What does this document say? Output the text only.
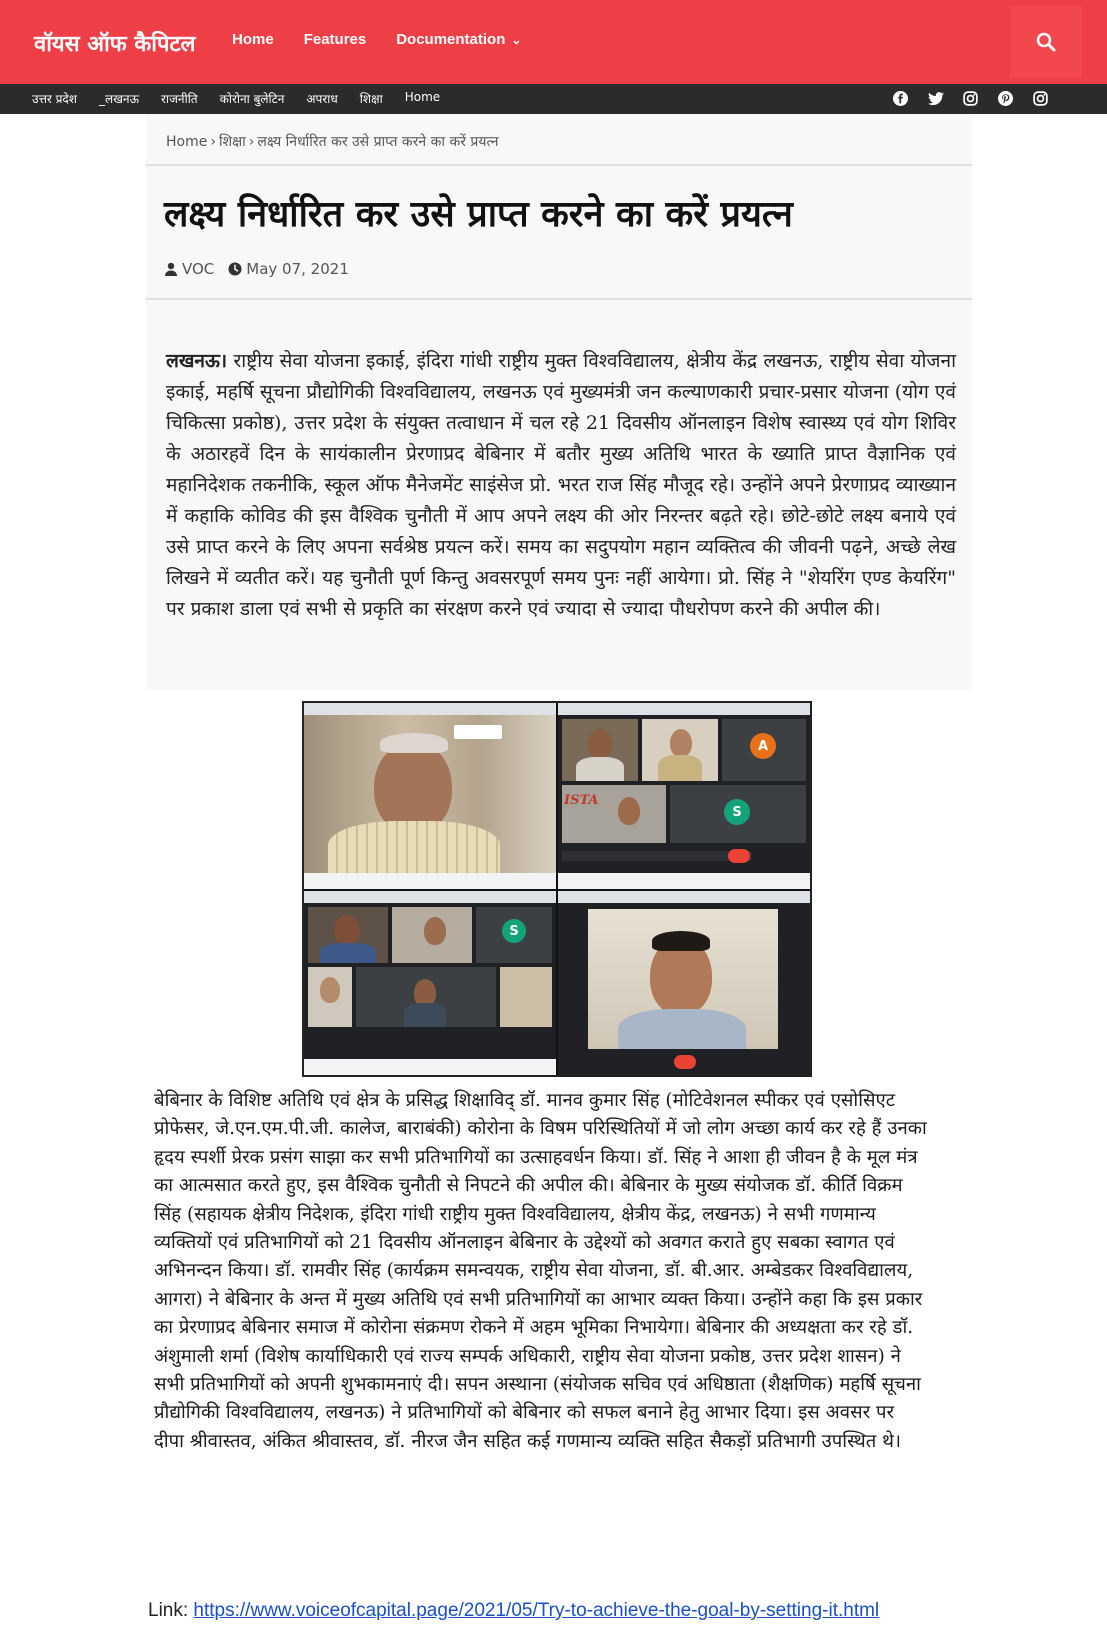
वॉयस ऑफ कैपिटल Home Features Documentation ⌄
उत्तर प्रदेश _लखनऊ राजनीति कोरोना बुलेटिन अपराध शिक्षा Home
Home › शिक्षा › लक्ष्य निर्धारित कर उसे प्राप्त करने का करें प्रयत्न
लक्ष्य निर्धारित कर उसे प्राप्त करने का करें प्रयत्न
VOC May 07, 2021

लखनऊ। राष्ट्रीय सेवा योजना इकाई, इंदिरा गांधी राष्ट्रीय मुक्त विश्वविद्यालय, क्षेत्रीय केंद्र लखनऊ, राष्ट्रीय सेवा योजना इकाई, महर्षि सूचना प्रौद्योगिकी विश्वविद्यालय, लखनऊ एवं मुख्यमंत्री जन कल्याणकारी प्रचार-प्रसार योजना (योग एवं चिकित्सा प्रकोष्ठ), उत्तर प्रदेश के संयुक्त तत्वाधान में चल रहे 21 दिवसीय ऑनलाइन विशेष स्वास्थ्य एवं योग शिविर के अठारहवें दिन के सायंकालीन प्रेरणाप्रद बेबिनार में बतौर मुख्य अतिथि भारत के ख्याति प्राप्त वैज्ञानिक एवं महानिदेशक तकनीकि, स्कूल ऑफ मैनेजमेंट साइंसेज प्रो. भरत राज सिंह मौजूद रहे। उन्होंने अपने प्रेरणाप्रद व्याख्यान में कहाकि कोविड की इस वैश्विक चुनौती में आप अपने लक्ष्य की ओर निरन्तर बढ़ते रहे। छोटे-छोटे लक्ष्य बनाये एवं उसे प्राप्त करने के लिए अपना सर्वश्रेष्ठ प्रयत्न करें। समय का सदुपयोग महान व्यक्तित्व की जीवनी पढ़ने, अच्छे लेख लिखने में व्यतीत करें। यह चुनौती पूर्ण किन्तु अवसरपूर्ण समय पुनः नहीं आयेगा। प्रो. सिंह ने "शेयरिंग एण्ड केयरिंग" पर प्रकाश डाला एवं सभी से प्रकृति का संरक्षण करने एवं ज्यादा से ज्यादा पौधरोपण करने की अपील की।

A
ISTA
S
S

बेबिनार के विशिष्ट अतिथि एवं क्षेत्र के प्रसिद्ध शिक्षाविद् डॉ. मानव कुमार सिंह (मोटिवेशनल स्पीकर एवं एसोसिएट प्रोफेसर, जे.एन.एम.पी.जी. कालेज, बाराबंकी) कोरोना के विषम परिस्थितियों में जो लोग अच्छा कार्य कर रहे हैं उनका हृदय स्पर्शी प्रेरक प्रसंग साझा कर सभी प्रतिभागियों का उत्साहवर्धन किया। डॉ. सिंह ने आशा ही जीवन है के मूल मंत्र का आत्मसात करते हुए, इस वैश्विक चुनौती से निपटने की अपील की। बेबिनार के मुख्य संयोजक डॉ. कीर्ति विक्रम सिंह (सहायक क्षेत्रीय निदेशक, इंदिरा गांधी राष्ट्रीय मुक्त विश्वविद्यालय, क्षेत्रीय केंद्र, लखनऊ) ने सभी गणमान्य व्यक्तियों एवं प्रतिभागियों को 21 दिवसीय ऑनलाइन बेबिनार के उद्देश्यों को अवगत कराते हुए सबका स्वागत एवं अभिनन्दन किया। डॉ. रामवीर सिंह (कार्यक्रम समन्वयक, राष्ट्रीय सेवा योजना, डॉ. बी.आर. अम्बेडकर विश्वविद्यालय, आगरा) ने बेबिनार के अन्त में मुख्य अतिथि एवं सभी प्रतिभागियों का आभार व्यक्त किया। उन्होंने कहा कि इस प्रकार का प्रेरणाप्रद बेबिनार समाज में कोरोना संक्रमण रोकने में अहम भूमिका निभायेगा। बेबिनार की अध्यक्षता कर रहे डॉ. अंशुमाली शर्मा (विशेष कार्याधिकारी एवं राज्य सम्पर्क अधिकारी, राष्ट्रीय सेवा योजना प्रकोष्ठ, उत्तर प्रदेश शासन) ने सभी प्रतिभागियों को अपनी शुभकामनाएं दी। सपन अस्थाना (संयोजक सचिव एवं अधिष्ठाता (शैक्षणिक) महर्षि सूचना प्रौद्योगिकी विश्वविद्यालय, लखनऊ) ने प्रतिभागियों को बेबिनार को सफल बनाने हेतु आभार दिया। इस अवसर पर दीपा श्रीवास्तव, अंकित श्रीवास्तव, डॉ. नीरज जैन सहित कई गणमान्य व्यक्ति सहित सैकड़ों प्रतिभागी उपस्थित थे।

Link: https://www.voiceofcapital.page/2021/05/Try-to-achieve-the-goal-by-setting-it.html
